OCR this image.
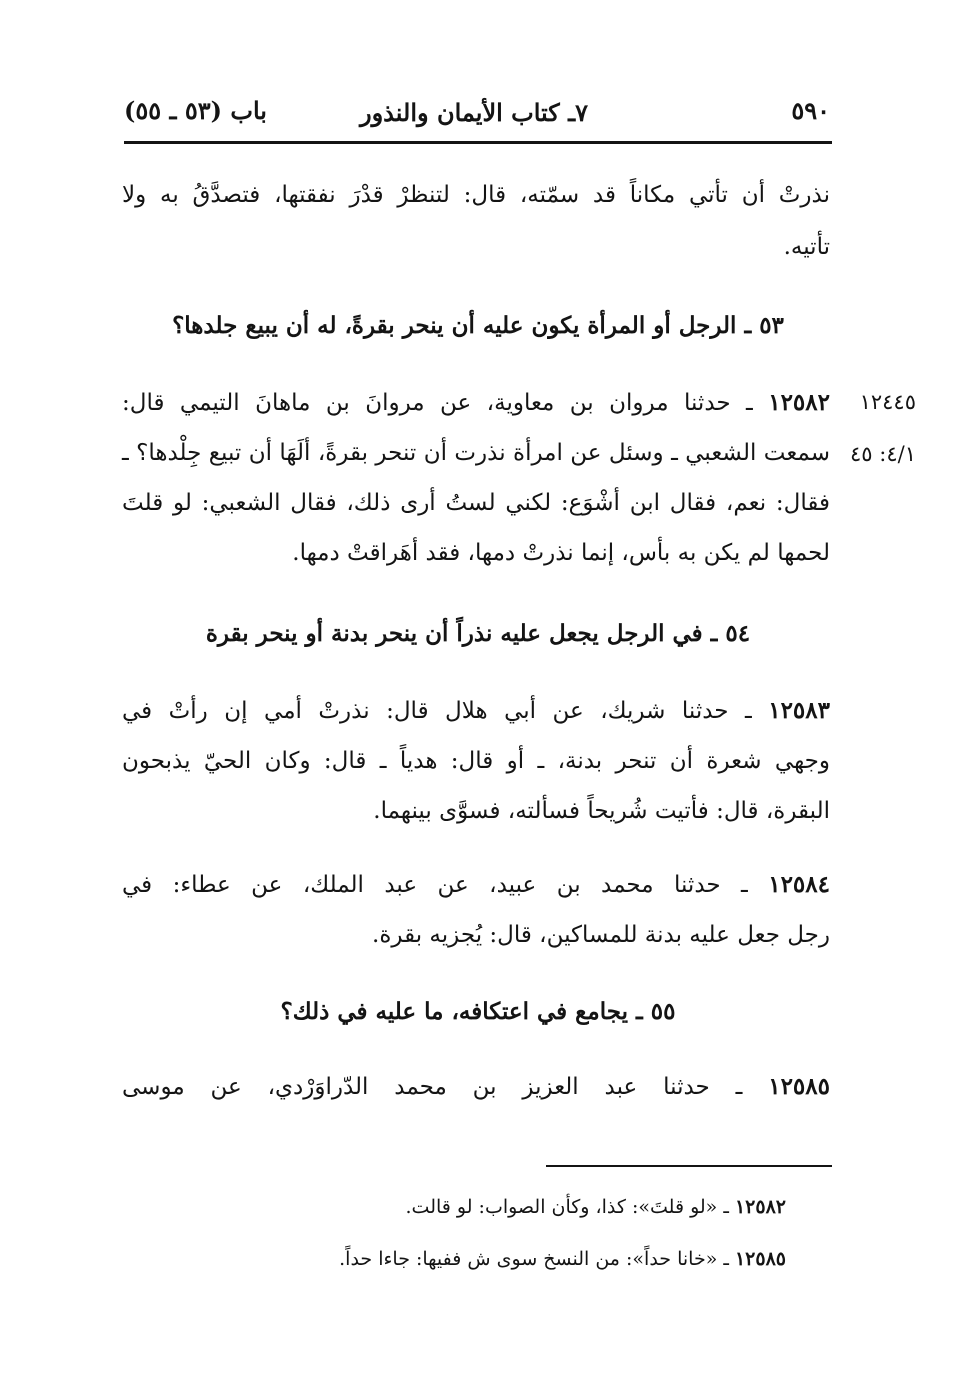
٥٩٠
٧ـ كتاب الأيمان والنذور
باب (٥٣ ـ ٥٥)
نذرتْ أن تأتي مكاناً قد سمّته، قال: لتنظرْ قدْرَ نفقتها، فتصدَّقُ به ولا
تأتيه.
٥٣ ـ الرجل أو المرأة يكون عليه أن ينحر بقرةً، له أن يبيع جلدها؟
١٢٤٤٥
٤/١: ٤٥
١٢٥٨٢ ـ حدثنا مروان بن معاوية، عن مروانَ بن ماهانَ التيمي قال:
سمعت الشعبي ـ وسئل عن امرأة نذرت أن تنحر بقرةً، ألَهَا أن تبيع جِلْدها؟ ـ
فقال: نعم، فقال ابن أشْوَع: لكني لستُ أرى ذلك، فقال الشعبي: لو قلتَ
لحمها لم يكن به بأس، إنما نذرتْ دمها، فقد أهَراقتْ دمها.
٥٤ ـ في الرجل يجعل عليه نذراً أن ينحر بدنة أو ينحر بقرة
١٢٥٨٣ ـ حدثنا شريك، عن أبي هلال قال: نذرتْ أمي إن رأتْ في
وجهي شعرة أن تنحر بدنة، ـ أو قال: هدياً ـ قال: وكان الحيّ يذبحون
البقرة، قال: فأتيت شُريحاً فسألته، فسوَّى بينهما.
١٢٥٨٤ ـ حدثنا محمد بن عبيد، عن عبد الملك، عن عطاء: في
رجل جعل عليه بدنة للمساكين، قال: يُجزيه بقرة.
٥٥ ـ يجامع في اعتكافه، ما عليه في ذلك؟
١٢٥٨٥ ـ حدثنا عبد العزيز بن محمد الدّراوَرْدي، عن موسى
١٢٥٨٢ ـ «لو قلتَ»: كذا، وكأن الصواب: لو قالت.
١٢٥٨٥ ـ «خانا حداً»: من النسخ سوى ش ففيها: جاءا حداً.
